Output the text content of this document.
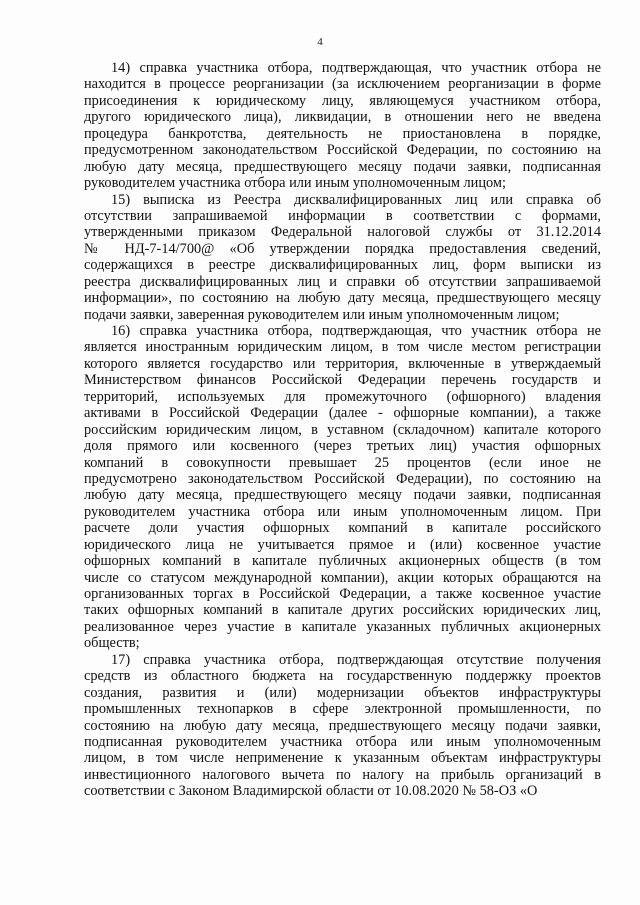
4
14) справка участника отбора, подтверждающая, что участник отбора не
находится в процессе реорганизации (за исключением реорганизации в форме
присоединения к юридическому лицу, являющемуся участником отбора,
другого юридического лица), ликвидации, в отношении него не введена
процедура банкротства, деятельность не приостановлена в порядке,
предусмотренном законодательством Российской Федерации, по состоянию на
любую дату месяца, предшествующего месяцу подачи заявки, подписанная
руководителем участника отбора или иным уполномоченным лицом;
15) выписка из Реестра дисквалифицированных лиц или справка об
отсутствии запрашиваемой информации в соответствии с формами,
утвержденными приказом Федеральной налоговой службы от 31.12.2014
№ НД-7-14/700@ «Об утверждении порядка предоставления сведений,
содержащихся в реестре дисквалифицированных лиц, форм выписки из
реестра дисквалифицированных лиц и справки об отсутствии запрашиваемой
информации», по состоянию на любую дату месяца, предшествующего месяцу
подачи заявки, заверенная руководителем или иным уполномоченным лицом;
16) справка участника отбора, подтверждающая, что участник отбора не
является иностранным юридическим лицом, в том числе местом регистрации
которого является государство или территория, включенные в утверждаемый
Министерством финансов Российской Федерации перечень государств и
территорий, используемых для промежуточного (офшорного) владения
активами в Российской Федерации (далее - офшорные компании), а также
российским юридическим лицом, в уставном (складочном) капитале которого
доля прямого или косвенного (через третьих лиц) участия офшорных
компаний в совокупности превышает 25 процентов (если иное не
предусмотрено законодательством Российской Федерации), по состоянию на
любую дату месяца, предшествующего месяцу подачи заявки, подписанная
руководителем участника отбора или иным уполномоченным лицом. При
расчете доли участия офшорных компаний в капитале российского
юридического лица не учитывается прямое и (или) косвенное участие
офшорных компаний в капитале публичных акционерных обществ (в том
числе со статусом международной компании), акции которых обращаются на
организованных торгах в Российской Федерации, а также косвенное участие
таких офшорных компаний в капитале других российских юридических лиц,
реализованное через участие в капитале указанных публичных акционерных
обществ;
17) справка участника отбора, подтверждающая отсутствие получения
средств из областного бюджета на государственную поддержку проектов
создания, развития и (или) модернизации объектов инфраструктуры
промышленных технопарков в сфере электронной промышленности, по
состоянию на любую дату месяца, предшествующего месяцу подачи заявки,
подписанная руководителем участника отбора или иным уполномоченным
лицом, в том числе неприменение к указанным объектам инфраструктуры
инвестиционного налогового вычета по налогу на прибыль организаций в
соответствии с Законом Владимирской области от 10.08.2020 № 58-ОЗ «О
